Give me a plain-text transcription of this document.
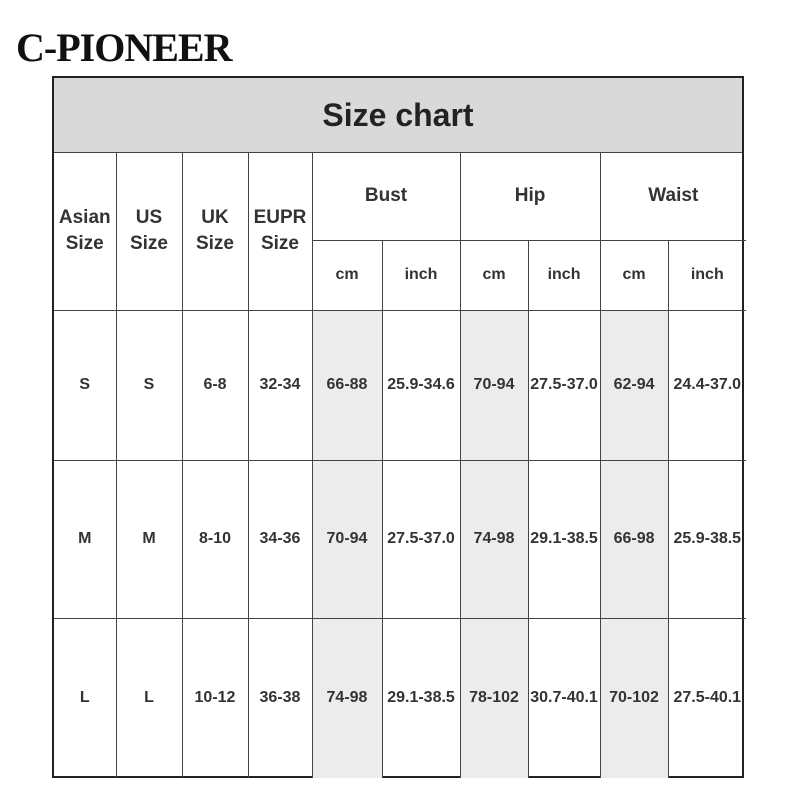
C-PIONEER
Size chart
Asian Size	US Size	UK Size	EUPR Size	Bust		Hip		Waist	
				cm	inch	cm	inch	cm	inch
S	S	6-8	32-34	66-88	25.9-34.6	70-94	27.5-37.0	62-94	24.4-37.0
M	M	8-10	34-36	70-94	27.5-37.0	74-98	29.1-38.5	66-98	25.9-38.5
L	L	10-12	36-38	74-98	29.1-38.5	78-102	30.7-40.1	70-102	27.5-40.1
